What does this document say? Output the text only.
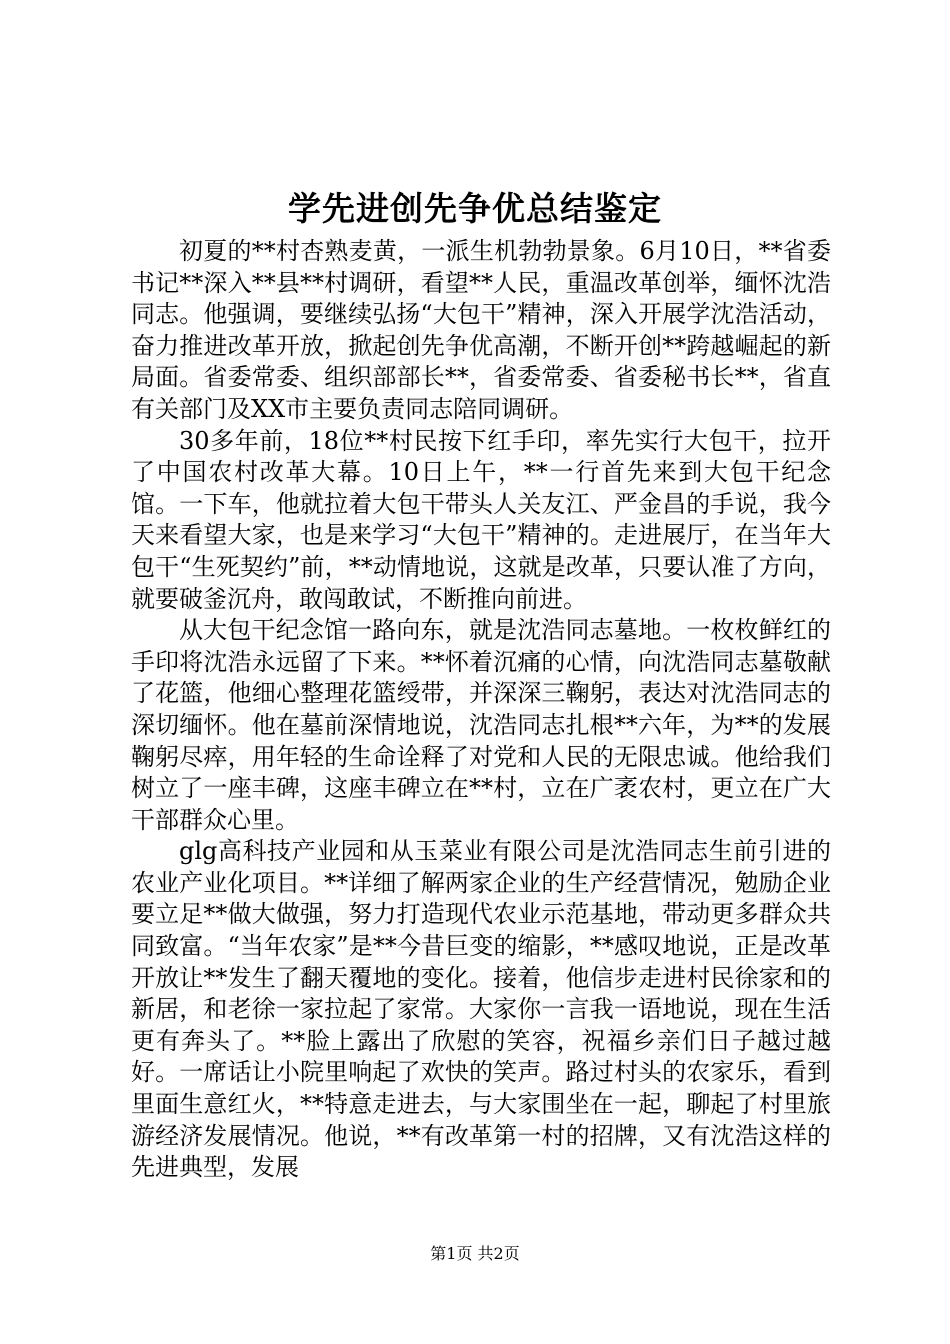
学先进创先争优总结鉴定

初夏的**村杏熟麦黄，一派生机勃勃景象。6月10日，**省委书记**深入**县**村调研，看望**人民，重温改革创举，缅怀沈浩同志。他强调，要继续弘扬“大包干”精神，深入开展学沈浩活动，奋力推进改革开放，掀起创先争优高潮，不断开创**跨越崛起的新局面。省委常委、组织部部长**，省委常委、省委秘书长**，省直有关部门及XX市主要负责同志陪同调研。

30多年前，18位**村民按下红手印，率先实行大包干，拉开了中国农村改革大幕。10日上午，**一行首先来到大包干纪念馆。一下车，他就拉着大包干带头人关友江、严金昌的手说，我今天来看望大家，也是来学习“大包干”精神的。走进展厅，在当年大包干“生死契约”前，**动情地说，这就是改革，只要认准了方向，就要破釜沉舟，敢闯敢试，不断推向前进。

从大包干纪念馆一路向东，就是沈浩同志墓地。一枚枚鲜红的手印将沈浩永远留了下来。**怀着沉痛的心情，向沈浩同志墓敬献了花篮，他细心整理花篮绶带，并深深三鞠躬，表达对沈浩同志的深切缅怀。他在墓前深情地说，沈浩同志扎根**六年，为**的发展鞠躬尽瘁，用年轻的生命诠释了对党和人民的无限忠诚。他给我们树立了一座丰碑，这座丰碑立在**村，立在广袤农村，更立在广大干部群众心里。

glg高科技产业园和从玉菜业有限公司是沈浩同志生前引进的农业产业化项目。**详细了解两家企业的生产经营情况，勉励企业要立足**做大做强，努力打造现代农业示范基地，带动更多群众共同致富。“当年农家”是**今昔巨变的缩影，**感叹地说，正是改革开放让**发生了翻天覆地的变化。接着，他信步走进村民徐家和的新居，和老徐一家拉起了家常。大家你一言我一语地说，现在生活更有奔头了。**脸上露出了欣慰的笑容，祝福乡亲们日子越过越好。一席话让小院里响起了欢快的笑声。路过村头的农家乐，看到里面生意红火，**特意走进去，与大家围坐在一起，聊起了村里旅游经济发展情况。他说，**有改革第一村的招牌，又有沈浩这样的先进典型，发展

第1页 共2页
